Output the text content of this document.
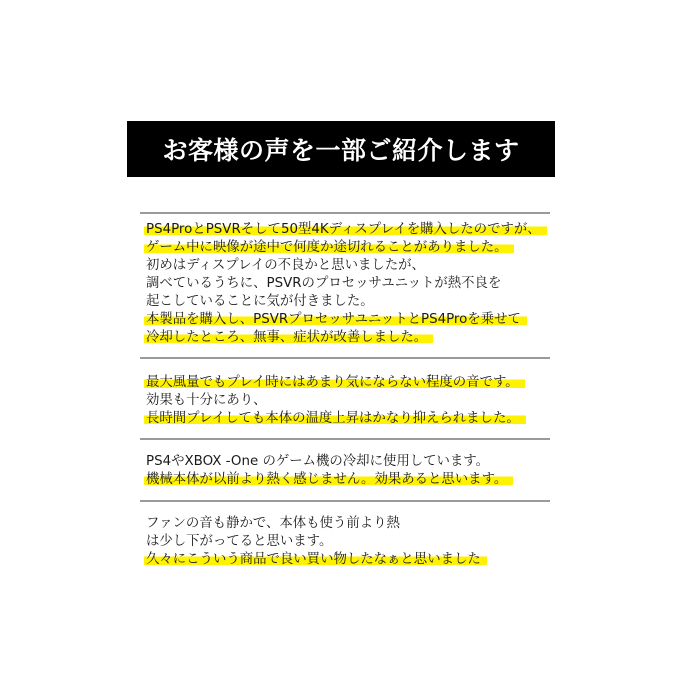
お客様の声を一部ご紹介します
PS4ProとPSVRそして50型4Kディスプレイを購入したのですが、
ゲーム中に映像が途中で何度か途切れることがありました。
初めはディスプレイの不良かと思いましたが、
調べているうちに、PSVRのプロセッサユニットが熱不良を
起こしていることに気が付きました。
本製品を購入し、PSVRプロセッサユニットとPS4Proを乗せて
冷却したところ、無事、症状が改善しました。
最大風量でもプレイ時にはあまり気にならない程度の音です。
効果も十分にあり、
長時間プレイしても本体の温度上昇はかなり抑えられました。
PS4やXBOX -One のゲーム機の冷却に使用しています。
機械本体が以前より熱く感じません。効果あると思います。
ファンの音も静かで、本体も使う前より熱
は少し下がってると思います。
久々にこういう商品で良い買い物したなぁと思いました
